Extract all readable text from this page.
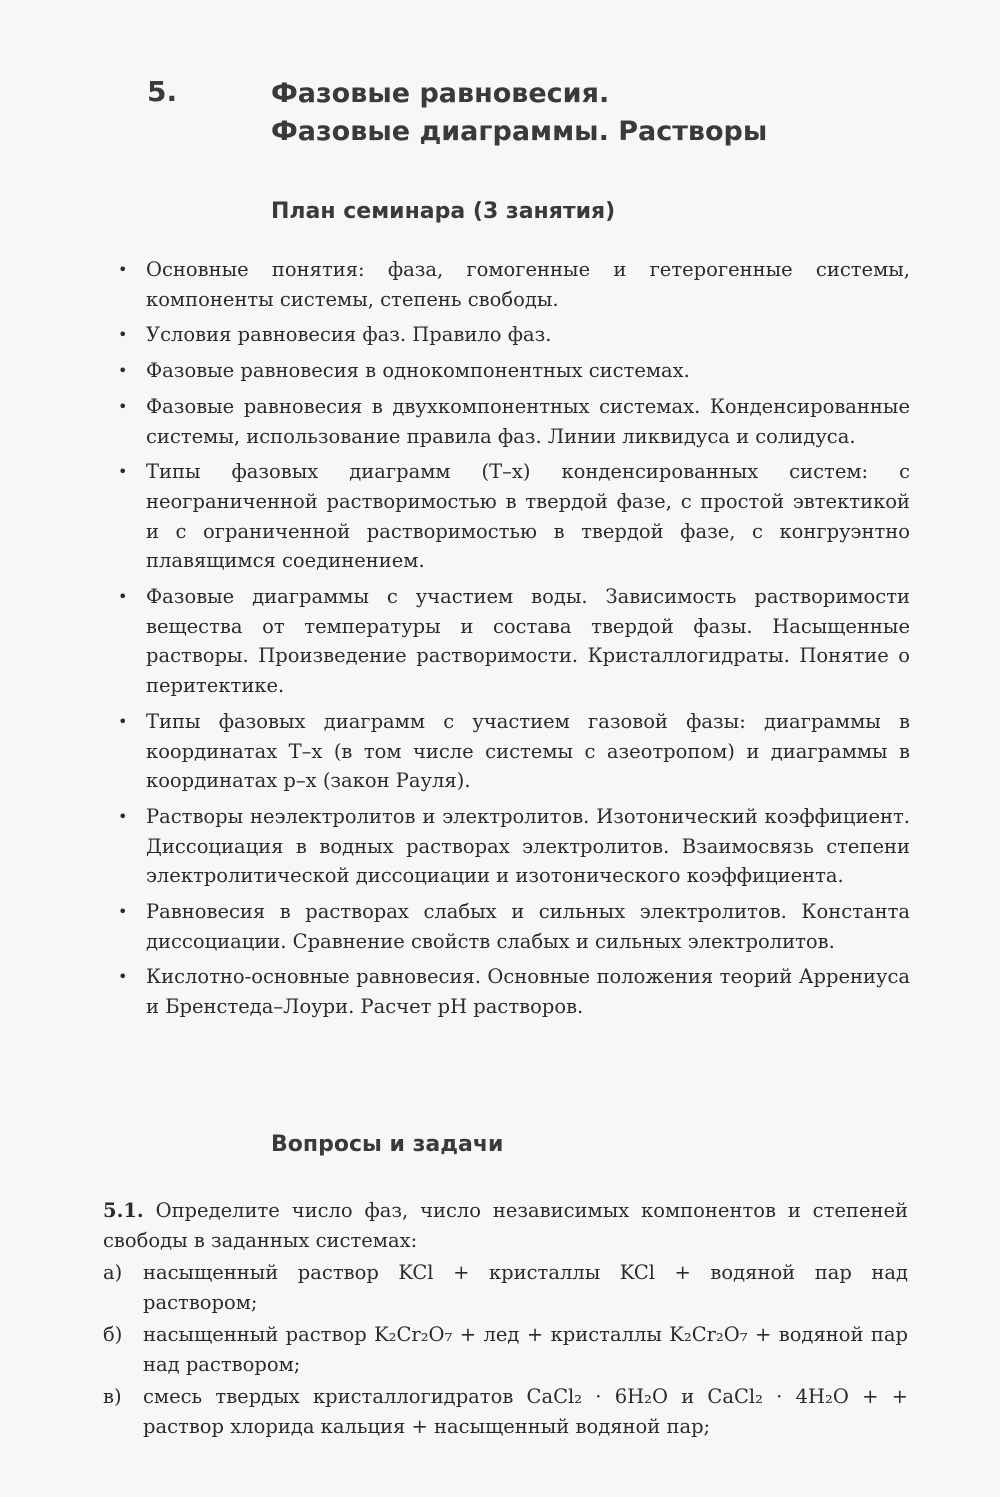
5.	Фазовые равновесия.
Фазовые диаграммы. Растворы
План семинара (3 занятия)
• Основные понятия: фаза, гомогенные и гетерогенные системы, компоненты системы, степень свободы.
• Условия равновесия фаз. Правило фаз.
• Фазовые равновесия в однокомпонентных системах.
• Фазовые равновесия в двухкомпонентных системах. Конденсированные системы, использование правила фаз. Линии ликвидуса и солидуса.
• Типы фазовых диаграмм (T–x) конденсированных систем: с неограниченной растворимостью в твердой фазе, с простой эвтектикой и с ограниченной растворимостью в твердой фазе, с конгруэнтно плавящимся соединением.
• Фазовые диаграммы с участием воды. Зависимость растворимости вещества от температуры и состава твердой фазы. Насыщенные растворы. Произведение растворимости. Кристаллогидраты. Понятие о перитектике.
• Типы фазовых диаграмм с участием газовой фазы: диаграммы в координатах T–x (в том числе системы с азеотропом) и диаграммы в координатах p–x (закон Рауля).
• Растворы неэлектролитов и электролитов. Изотонический коэффициент. Диссоциация в водных растворах электролитов. Взаимосвязь степени электролитической диссоциации и изотонического коэффициента.
• Равновесия в растворах слабых и сильных электролитов. Константа диссоциации. Сравнение свойств слабых и сильных электролитов.
• Кислотно-основные равновесия. Основные положения теорий Аррениуса и Бренстеда–Лоури. Расчет pH растворов.
Вопросы и задачи
5.1. Определите число фаз, число независимых компонентов и степеней свободы в заданных системах:
а) насыщенный раствор KCl + кристаллы KCl + водяной пар над раствором;
б) насыщенный раствор K₂Cr₂O₇ + лед + кристаллы K₂Cr₂O₇ + водяной пар над раствором;
в) смесь твердых кристаллогидратов CaCl₂ · 6H₂O и CaCl₂ · 4H₂O + + раствор хлорида кальция + насыщенный водяной пар;
